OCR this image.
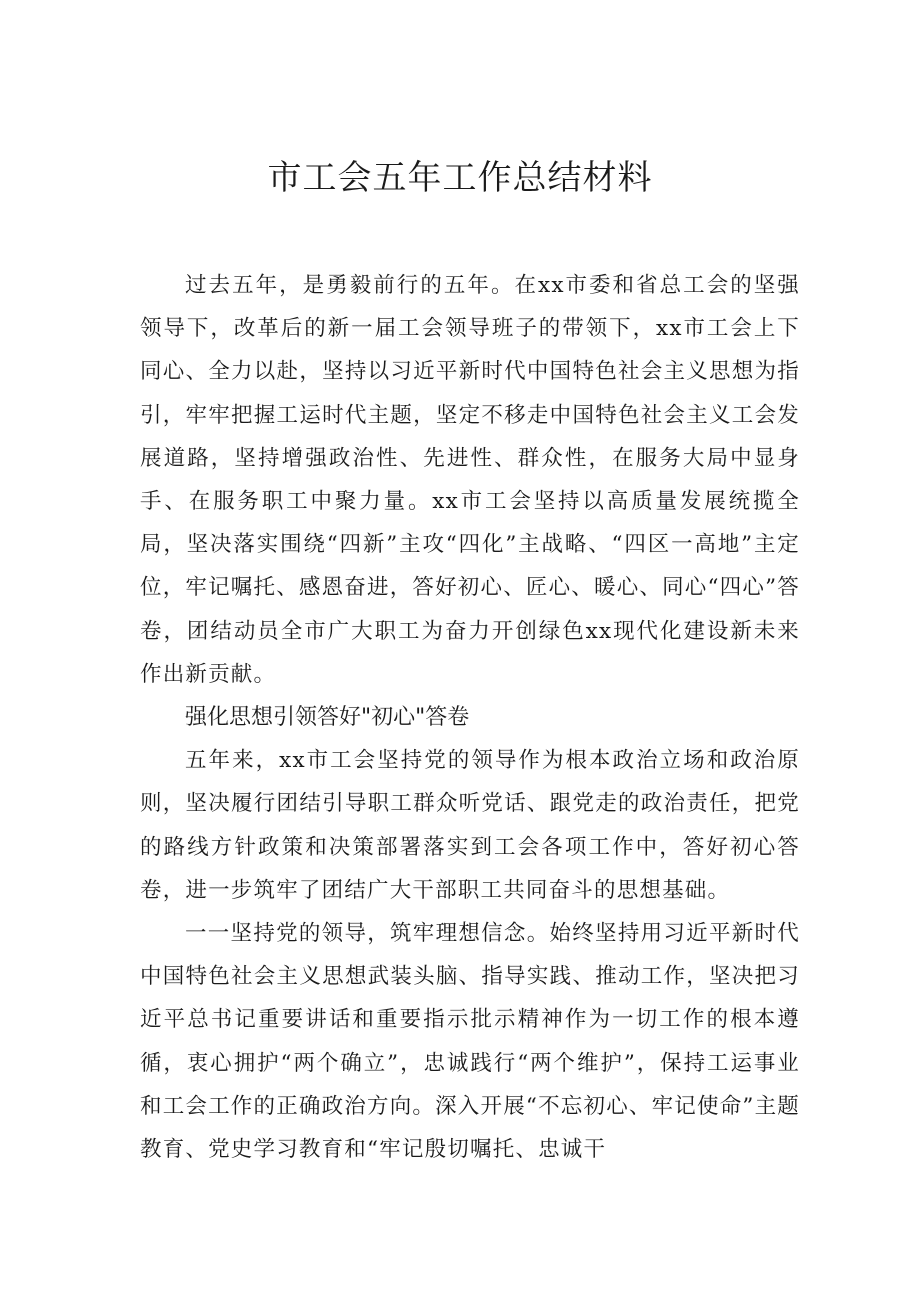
市工会五年工作总结材料

过去五年，是勇毅前行的五年。在xx市委和省总工会的坚强领导下，改革后的新一届工会领导班子的带领下，xx市工会上下同心、全力以赴，坚持以习近平新时代中国特色社会主义思想为指引，牢牢把握工运时代主题，坚定不移走中国特色社会主义工会发展道路，坚持增强政治性、先进性、群众性，在服务大局中显身手、在服务职工中聚力量。xx市工会坚持以高质量发展统揽全局，坚决落实围绕“四新”主攻“四化”主战略、“四区一高地”主定位，牢记嘱托、感恩奋进，答好初心、匠心、暖心、同心“四心”答卷，团结动员全市广大职工为奋力开创绿色xx现代化建设新未来作出新贡献。

强化思想引领答好"初心"答卷

五年来，xx市工会坚持党的领导作为根本政治立场和政治原则，坚决履行团结引导职工群众听党话、跟党走的政治责任，把党的路线方针政策和决策部署落实到工会各项工作中，答好初心答卷，进一步筑牢了团结广大干部职工共同奋斗的思想基础。

一一坚持党的领导，筑牢理想信念。始终坚持用习近平新时代中国特色社会主义思想武装头脑、指导实践、推动工作，坚决把习近平总书记重要讲话和重要指示批示精神作为一切工作的根本遵循，衷心拥护“两个确立”，忠诚践行“两个维护”，保持工运事业和工会工作的正确政治方向。深入开展“不忘初心、牢记使命”主题教育、党史学习教育和“牢记殷切嘱托、忠诚干
